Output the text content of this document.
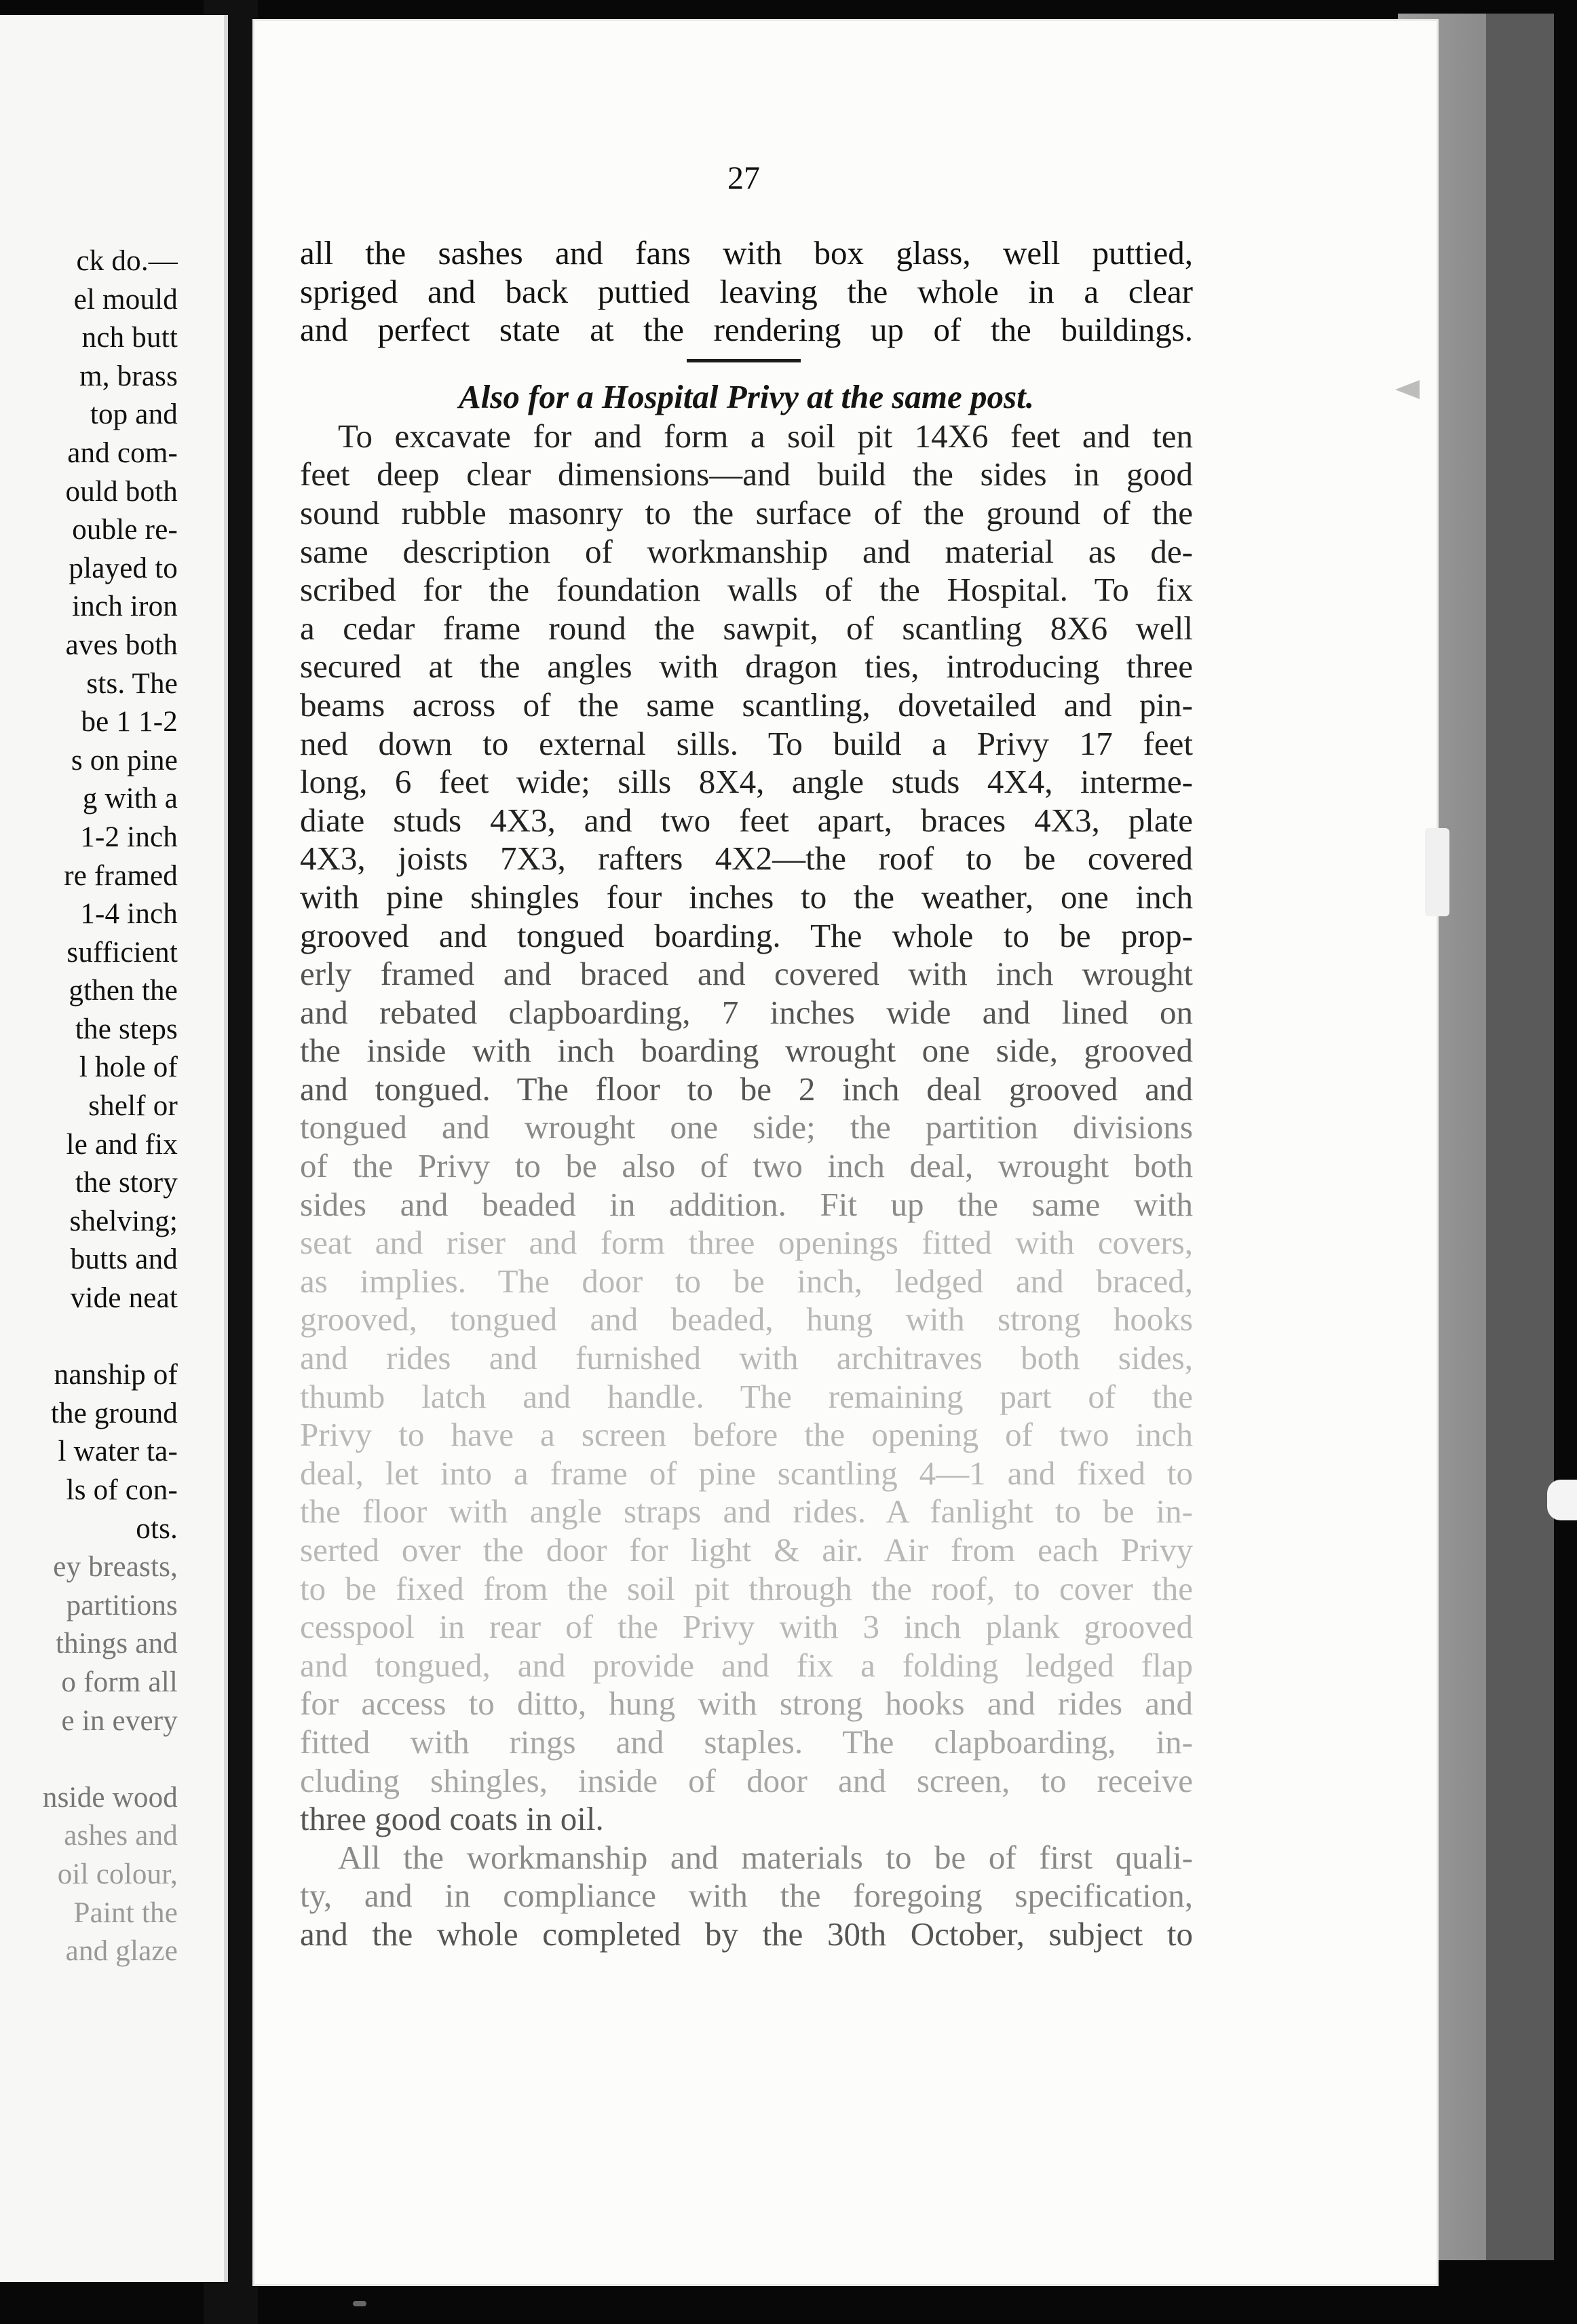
ck do.—
el mould
nch butt
m, brass
top and
and com-
ould both
ouble re-
played to
inch iron
aves both
sts. The
be 1 1-2
s on pine
g with a
1-2 inch
re framed
1-4 inch
sufficient
gthen the
the steps
l hole of
shelf or
le and fix
the story
shelving;
butts and
vide neat
nanship of
the ground
l water ta-
ls of con-
ots.
ey breasts,
partitions
things and
o form all
e in every
nside wood
ashes and
oil colour,
Paint the
and glaze
27
all the sashes and fans with box glass, well puttied,
spriged and back puttied leaving the whole in a clear
and perfect state at the rendering up of the buildings.
Also for a Hospital Privy at the same post.
To excavate for and form a soil pit 14X6 feet and ten
feet deep clear dimensions—and build the sides in good
sound rubble masonry to the surface of the ground of the
same description of workmanship and material as de-
scribed for the foundation walls of the Hospital. To fix
a cedar frame round the sawpit, of scantling 8X6 well
secured at the angles with dragon ties, introducing three
beams across of the same scantling, dovetailed and pin-
ned down to external sills. To build a Privy 17 feet
long, 6 feet wide; sills 8X4, angle studs 4X4, interme-
diate studs 4X3, and two feet apart, braces 4X3, plate
4X3, joists 7X3, rafters 4X2—the roof to be covered
with pine shingles four inches to the weather, one inch
grooved and tongued boarding. The whole to be prop-
erly framed and braced and covered with inch wrought
and rebated clapboarding, 7 inches wide and lined on
the inside with inch boarding wrought one side, grooved
and tongued. The floor to be 2 inch deal grooved and
tongued and wrought one side; the partition divisions
of the Privy to be also of two inch deal, wrought both
sides and beaded in addition. Fit up the same with
seat and riser and form three openings fitted with covers,
as implies. The door to be inch, ledged and braced,
grooved, tongued and beaded, hung with strong hooks
and rides and furnished with architraves both sides,
thumb latch and handle. The remaining part of the
Privy to have a screen before the opening of two inch
deal, let into a frame of pine scantling 4—1 and fixed to
the floor with angle straps and rides. A fanlight to be in-
serted over the door for light & air. Air from each Privy
to be fixed from the soil pit through the roof, to cover the
cesspool in rear of the Privy with 3 inch plank grooved
and tongued, and provide and fix a folding ledged flap
for access to ditto, hung with strong hooks and rides and
fitted with rings and staples. The clapboarding, in-
cluding shingles, inside of door and screen, to receive
three good coats in oil.
All the workmanship and materials to be of first quali-
ty, and in compliance with the foregoing specification,
and the whole completed by the 30th October, subject to
